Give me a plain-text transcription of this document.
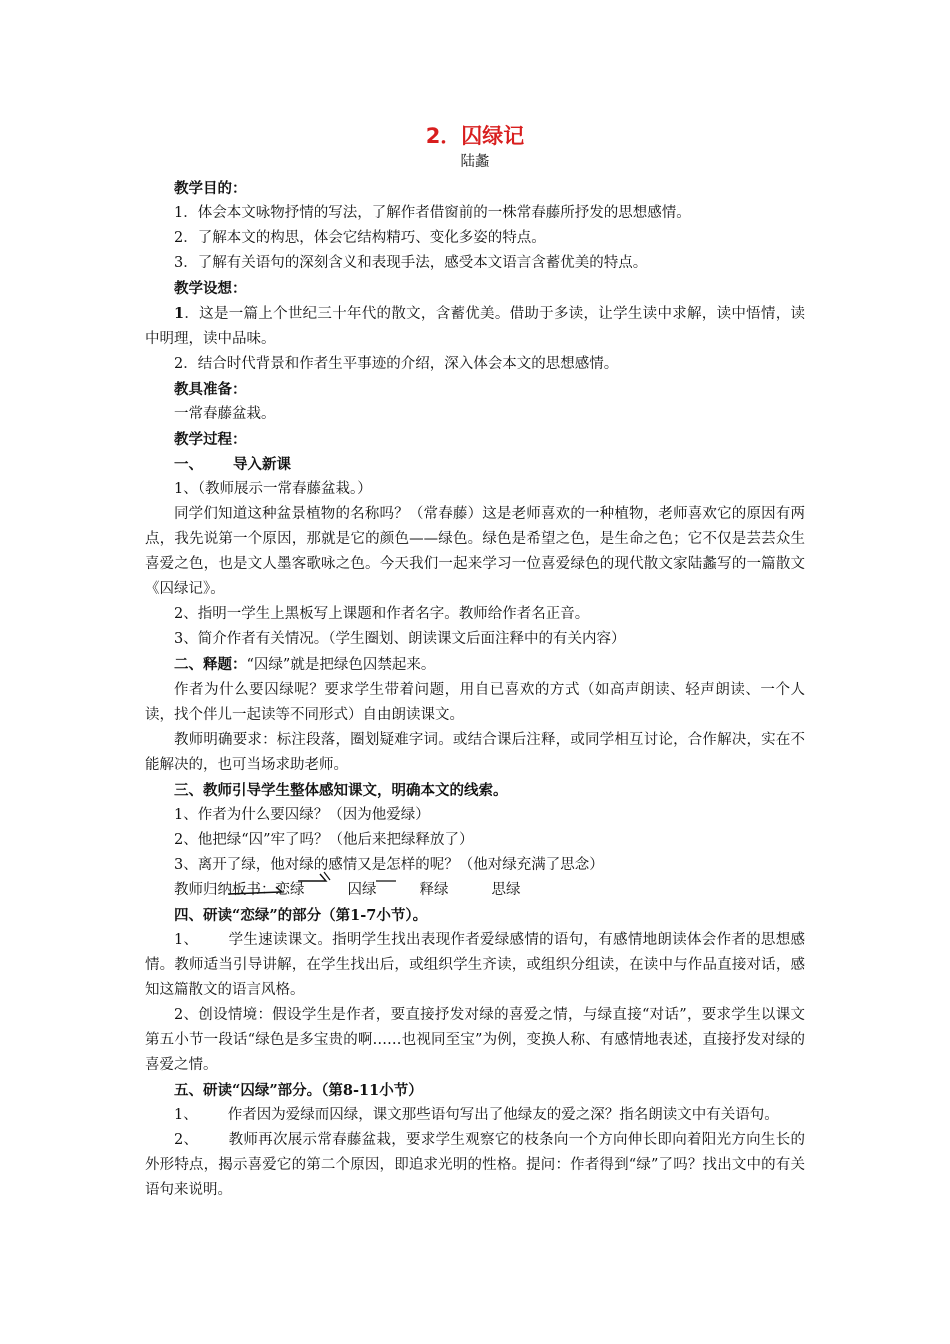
2．囚绿记
陆蠡

教学目的：

1．体会本文咏物抒情的写法，了解作者借窗前的一株常春藤所抒发的思想感情。

2．了解本文的构思，体会它结构精巧、变化多姿的特点。

3．了解有关语句的深刻含义和表现手法，感受本文语言含蓄优美的特点。

教学设想：

1．这是一篇上个世纪三十年代的散文，含蓄优美。借助于多读，让学生读中求解，读中悟情，读中明理，读中品味。

2．结合时代背景和作者生平事迹的介绍，深入体会本文的思想感情。

教具准备：

一常春藤盆栽。

教学过程：

一、 导入新课

1、（教师展示一常春藤盆栽。）

同学们知道这种盆景植物的名称吗？（常春藤）这是老师喜欢的一种植物，老师喜欢它的原因有两点，我先说第一个原因，那就是它的颜色——绿色。绿色是希望之色，是生命之色；它不仅是芸芸众生喜爱之色，也是文人墨客歌咏之色。今天我们一起来学习一位喜爱绿色的现代散文家陆蠡写的一篇散文《囚绿记》。

2、指明一学生上黑板写上课题和作者名字。教师给作者名正音。

3、简介作者有关情况。（学生圈划、朗读课文后面注释中的有关内容）

二、释题：“囚绿”就是把绿色囚禁起来。

作者为什么要囚绿呢？要求学生带着问题，用自已喜欢的方式（如高声朗读、轻声朗读、一个人读，找个伴儿一起读等不同形式）自由朗读课文。

教师明确要求：标注段落，圈划疑难字词。或结合课后注释，或同学相互讨论，合作解决，实在不能解决的，也可当场求助老师。

三、教师引导学生整体感知课文，明确本文的线索。

1、作者为什么要囚绿？（因为他爱绿）

2、他把绿“囚”牢了吗？（他后来把绿释放了）

3、离开了绿，他对绿的感情又是怎样的呢？（他对绿充满了思念）

教师归纳板书：恋绿	囚绿	释绿	思绿

四、研读“恋绿”的部分（第1-7小节）。

1、 学生速读课文。指明学生找出表现作者爱绿感情的语句，有感情地朗读体会作者的思想感情。教师适当引导讲解，在学生找出后，或组织学生齐读，或组织分组读，在读中与作品直接对话，感知这篇散文的语言风格。

2、创设情境：假设学生是作者，要直接抒发对绿的喜爱之情，与绿直接“对话”，要求学生以课文第五小节一段话“绿色是多宝贵的啊……也视同至宝”为例，变换人称、有感情地表述，直接抒发对绿的喜爱之情。

五、研读“囚绿”部分。（第8-11小节）

1、 作者因为爱绿而囚绿，课文那些语句写出了他绿友的爱之深？指名朗读文中有关语句。

2、 教师再次展示常春藤盆栽，要求学生观察它的枝条向一个方向伸长即向着阳光方向生长的外形特点，揭示喜爱它的第二个原因，即追求光明的性格。提问：作者得到“绿”了吗？找出文中的有关语句来说明。
